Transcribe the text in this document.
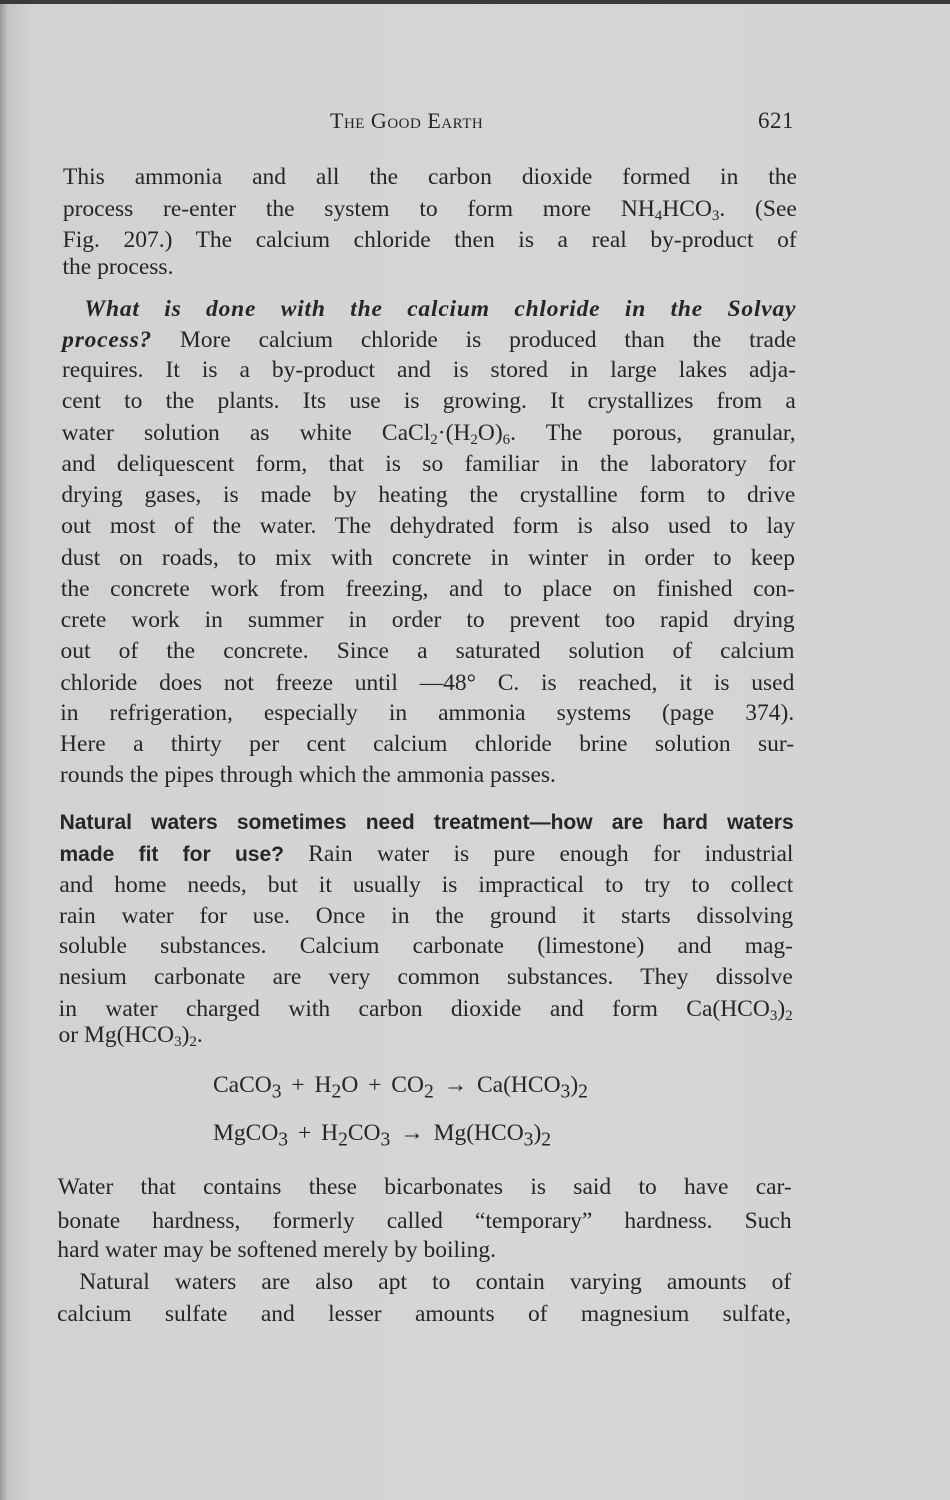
The Good Earth	621
This ammonia and all the carbon dioxide formed in the
process re-enter the system to form more $NH_4HCO_3$. (See
Fig. 207.) The calcium chloride then is a real by-product of
the process.
What is done with the calcium chloride in the Solvay
process? More calcium chloride is produced than the trade
requires. It is a by-product and is stored in large lakes adja-
cent to the plants. Its use is growing. It crystallizes from a
water solution as white $CaCl_2\cdot(H_2O)_6$. The porous, granular,
and deliquescent form, that is so familiar in the laboratory for
drying gases, is made by heating the crystalline form to drive
out most of the water. The dehydrated form is also used to lay
dust on roads, to mix with concrete in winter in order to keep
the concrete work from freezing, and to place on finished con-
crete work in summer in order to prevent too rapid drying
out of the concrete. Since a saturated solution of calcium
chloride does not freeze until —48° C. is reached, it is used
in refrigeration, especially in ammonia systems (page 374).
Here a thirty per cent calcium chloride brine solution sur-
rounds the pipes through which the ammonia passes.
Natural waters sometimes need treatment—how are hard waters
made fit for use? Rain water is pure enough for industrial
and home needs, but it usually is impractical to try to collect
rain water for use. Once in the ground it starts dissolving
soluble substances. Calcium carbonate (limestone) and mag-
nesium carbonate are very common substances. They dissolve
in water charged with carbon dioxide and form $Ca(HCO_3)_2$
or $Mg(HCO_3)_2$.
Water that contains these bicarbonates is said to have car-
bonate hardness, formerly called “temporary” hardness. Such
hard water may be softened merely by boiling.
Natural waters are also apt to contain varying amounts of
calcium sulfate and lesser amounts of magnesium sulfate,
CaCO$_3$ + $H_2O + CO_2 \to Ca(HCO_3)_2$
MgCO$_3$ + $H_2CO_3 \to Mg(HCO_3)_2$
